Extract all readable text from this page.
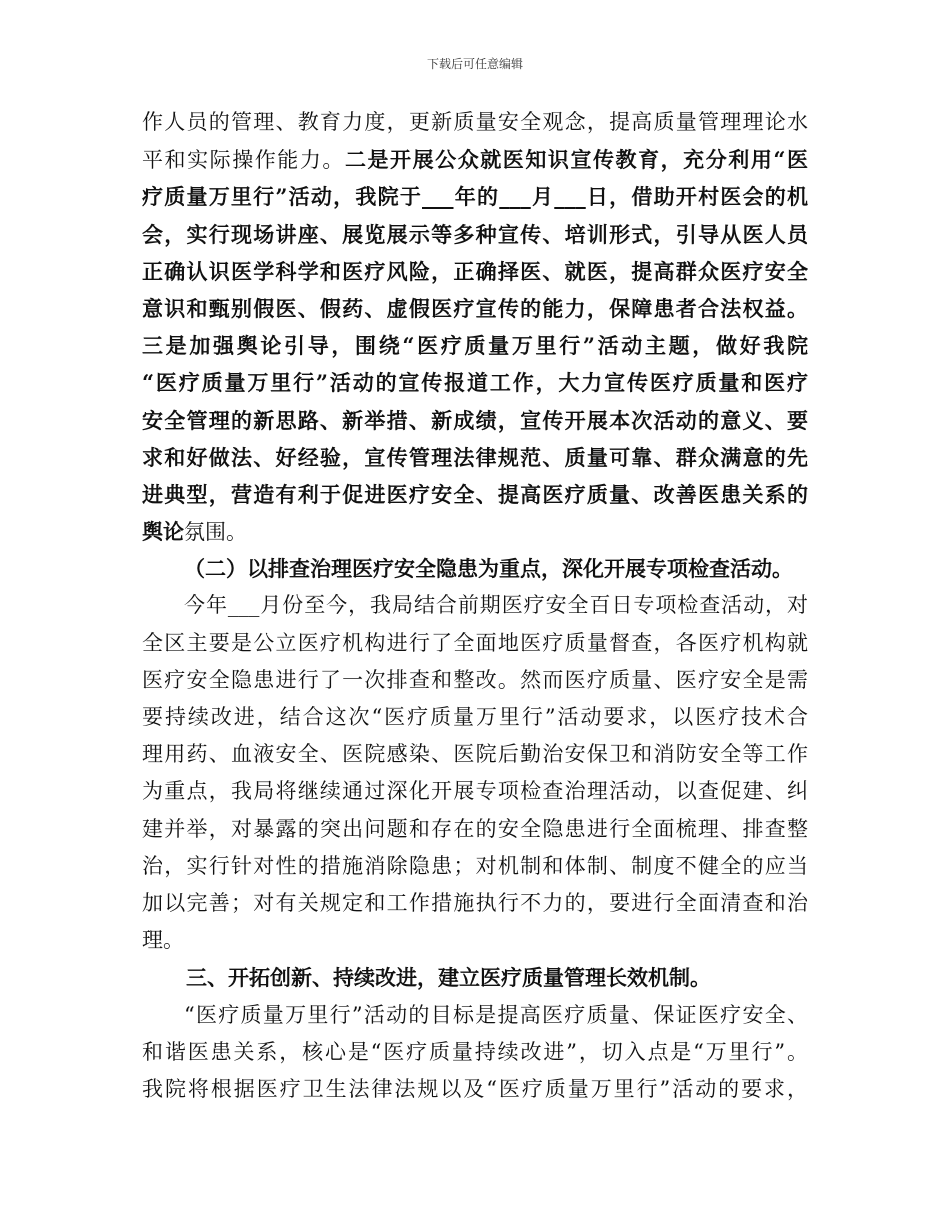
下载后可任意编辑
作人员的管理、教育力度，更新质量安全观念，提高质量管理理论水
平和实际操作能力。二是开展公众就医知识宣传教育，充分利用“医
疗质量万里行”活动，我院于___年的___月___日，借助开村医会的机
会，实行现场讲座、展览展示等多种宣传、培训形式，引导从医人员
正确认识医学科学和医疗风险，正确择医、就医，提高群众医疗安全
意识和甄别假医、假药、虚假医疗宣传的能力，保障患者合法权益。
三是加强舆论引导，围绕“医疗质量万里行”活动主题，做好我院
“医疗质量万里行”活动的宣传报道工作，大力宣传医疗质量和医疗
安全管理的新思路、新举措、新成绩，宣传开展本次活动的意义、要
求和好做法、好经验，宣传管理法律规范、质量可靠、群众满意的先
进典型，营造有利于促进医疗安全、提高医疗质量、改善医患关系的
舆论氛围。
（二）以排查治理医疗安全隐患为重点，深化开展专项检查活动。
今年___月份至今，我局结合前期医疗安全百日专项检查活动，对
全区主要是公立医疗机构进行了全面地医疗质量督查，各医疗机构就
医疗安全隐患进行了一次排查和整改。然而医疗质量、医疗安全是需
要持续改进，结合这次“医疗质量万里行”活动要求，以医疗技术合
理用药、血液安全、医院感染、医院后勤治安保卫和消防安全等工作
为重点，我局将继续通过深化开展专项检查治理活动，以查促建、纠
建并举，对暴露的突出问题和存在的安全隐患进行全面梳理、排查整
治，实行针对性的措施消除隐患；对机制和体制、制度不健全的应当
加以完善；对有关规定和工作措施执行不力的，要进行全面清查和治
理。
三、开拓创新、持续改进，建立医疗质量管理长效机制。
“医疗质量万里行”活动的目标是提高医疗质量、保证医疗安全、
和谐医患关系，核心是“医疗质量持续改进”，切入点是“万里行”。
我院将根据医疗卫生法律法规以及“医疗质量万里行”活动的要求，
